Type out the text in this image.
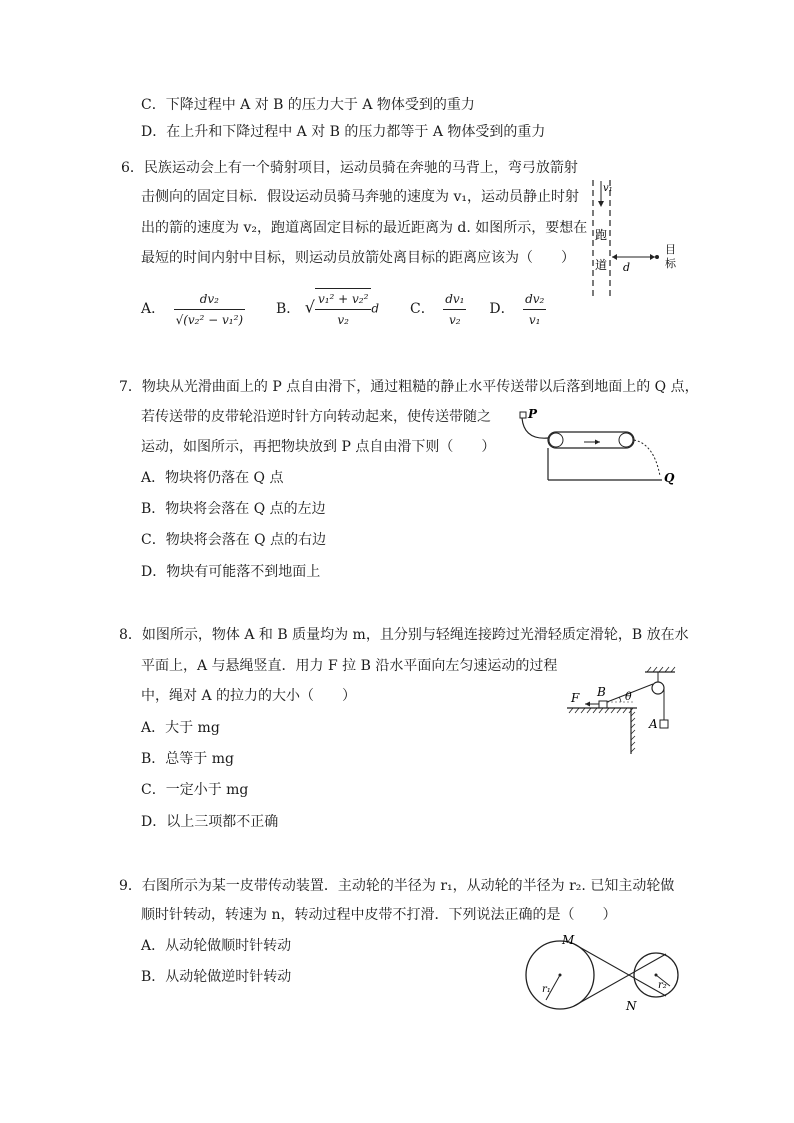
C．下降过程中 A 对 B 的压力大于 A 物体受到的重力
D．在上升和下降过程中 A 对 B 的压力都等于 A 物体受到的重力
6．民族运动会上有一个骑射项目，运动员骑在奔驰的马背上，弯弓放箭射
击侧向的固定目标．假设运动员骑马奔驰的速度为 v₁，运动员静止时射
出的箭的速度为 v₂，跑道离固定目标的最近距离为 d. 如图所示，要想在
最短的时间内射中目标，则运动员放箭处离目标的距离应该为（　　）
A． $\frac{\text{dv₂}}{\text{√(v₂² − v₁²)}}$ B． √ $\frac{\text{v₁² + v₂²}}{\text{v₂}}$ d C． $\frac{\text{dv₁}}{\text{v₂}}$ D． $\frac{\text{dv₂}}{\text{v₁}}$
v₁
跑
道 d
目
标
7．物块从光滑曲面上的 P 点自由滑下，通过粗糙的静止水平传送带以后落到地面上的 Q 点，
若传送带的皮带轮沿逆时针方向转动起来，使传送带随之
运动，如图所示，再把物块放到 P 点自由滑下则（　　）
A．物块将仍落在 Q 点
B．物块将会落在 Q 点的左边
C．物块将会落在 Q 点的右边
D．物块有可能落不到地面上
P
Q
8．如图所示，物体 A 和 B 质量均为 m，且分别与轻绳连接跨过光滑轻质定滑轮，B 放在水
平面上，A 与悬绳竖直．用力 F 拉 B 沿水平面向左匀速运动的过程
中，绳对 A 的拉力的大小（　　）
A．大于 mg
B．总等于 mg
C．一定小于 mg
D．以上三项都不正确
A
B
F	θ
9．右图所示为某一皮带传动装置．主动轮的半径为 r₁，从动轮的半径为 r₂. 已知主动轮做
顺时针转动，转速为 n，转动过程中皮带不打滑．下列说法正确的是（　　）
A．从动轮做顺时针转动
B．从动轮做逆时针转动
r₁	r₂
M
N
